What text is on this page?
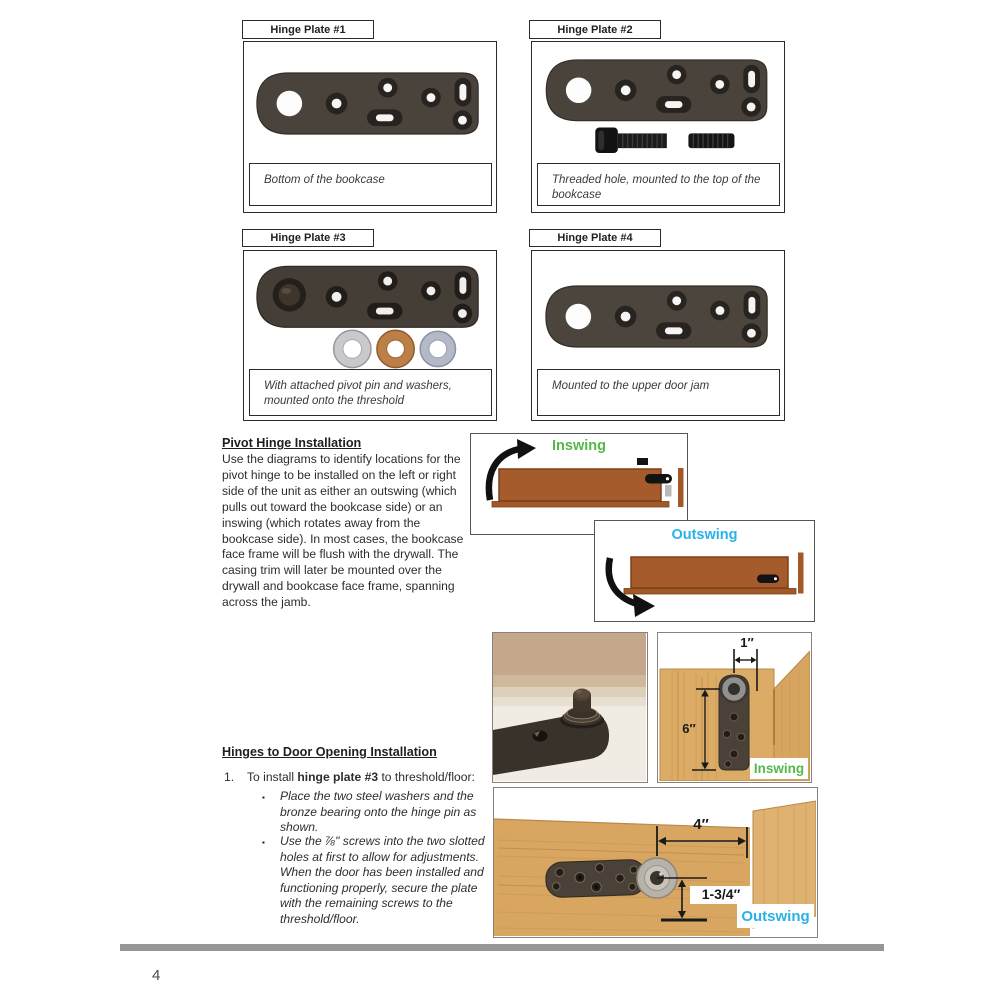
Hinge Plate #1
Bottom of the bookcase
Hinge Plate #2
Threaded hole, mounted to the top of the bookcase
Hinge Plate #3
With attached pivot pin and washers, mounted onto the threshold
Hinge Plate #4
Mounted to the upper door jam
Pivot Hinge Installation
Use the diagrams to identify locations for the pivot hinge to be installed on the left or right side of the unit as either an outswing (which pulls out toward the bookcase side) or an inswing (which rotates away from the bookcase side). In most cases, the bookcase face frame will be flush with the drywall. The casing trim will later be mounted over the drywall and bookcase face frame, spanning across the jamb.
Inswing
Outswing
1″
6″
Inswing
4″
1-3/4″
Outswing
Hinges to Door Opening Installation
1. To install hinge plate #3 to threshold/floor:
▪ Place the two steel washers and the bronze bearing onto the hinge pin as shown.
▪ Use the ⅞" screws into the two slotted holes at first to allow for adjustments. When the door has been installed and functioning properly, secure the plate with the remaining screws to the threshold/floor.
4
